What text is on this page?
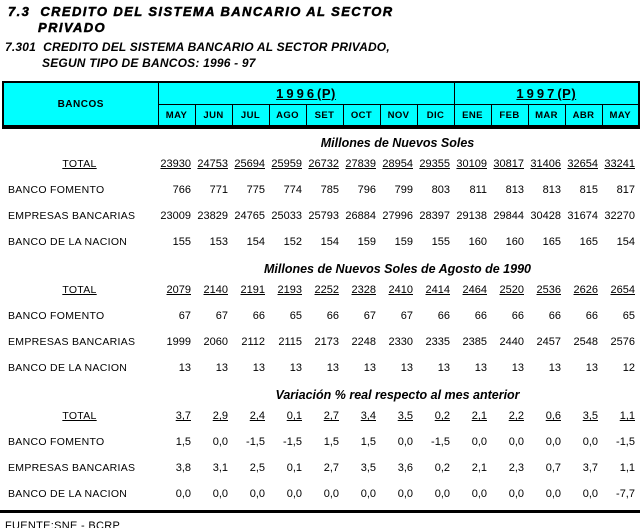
7.3 CREDITO DEL SISTEMA BANCARIO AL SECTOR
PRIVADO
7.301 CREDITO DEL SISTEMA BANCARIO AL SECTOR PRIVADO,
SEGUN TIPO DE BANCOS: 1996 - 97
BANCOS	1996(P)								1997(P)				
	MAY	JUN	JUL	AGO	SET	OCT	NOV	DIC	ENE	FEB	MAR	ABR	MAY
Millones de Nuevos Soles
TOTAL	23930 24753 25694 25959 26732 27839 28954 29355 30109 30817 31406 32654 33241
BANCO FOMENTO	766	771	775	774	785	796	799	803	811	813	813	815	817
EMPRESAS BANCARIAS	23009 23829 24765 25033 25793 26884 27996 28397 29138 29844 30428 31674 32270
BANCO DE LA NACION	155	153	154	152	154	159	159	155	160	160	165	165	154
Millones de Nuevos Soles de Agosto de 1990
TOTAL	2079	2140	2191	2193	2252	2328	2410	2414	2464	2520	2536	2626	2654
BANCO FOMENTO	67	67	66	65	66	67	67	66	66	66	66	66	65
EMPRESAS BANCARIAS	1999	2060	2112	2115	2173	2248	2330	2335	2385	2440	2457	2548	2576
BANCO DE LA NACION	13	13	13	13	13	13	13	13	13	13	13	13	12
Variación % real respecto al mes anterior
TOTAL	3,7	2,9	2,4	0,1	2,7	3,4	3,5	0,2	2,1	2,2	0,6	3,5	1,1
BANCO FOMENTO	1,5	0,0	-1,5	-1,5	1,5	1,5	0,0	-1,5	0,0	0,0	0,0	0,0	-1,5
EMPRESAS BANCARIAS	3,8	3,1	2,5	0,1	2,7	3,5	3,6	0,2	2,1	2,3	0,7	3,7	1,1
BANCO DE LA NACION	0,0	0,0	0,0	0,0	0,0	0,0	0,0	0,0	0,0	0,0	0,0	0,0	-7,7
FUENTE:SNE - BCRP
